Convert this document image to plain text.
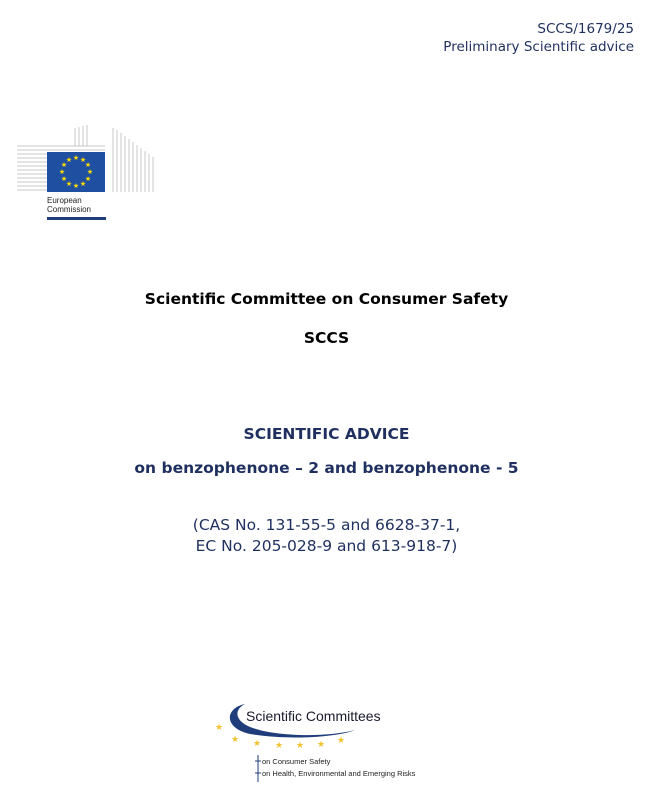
SCCS/1679/25
Preliminary Scientific advice
★ ★
★
★
★
★
★
★
★
★
★
★
European
Commission
Scientific Committee on Consumer Safety
SCCS
SCIENTIFIC ADVICE
on benzophenone – 2 and benzophenone - 5
(CAS No. 131-55-5 and 6628-37-1,
EC No. 205-028-9 and 613-918-7)
★
★ ★ ★ ★ ★ ★
Scientific Committees
on Consumer Safety
on Health, Environmental and Emerging Risks
